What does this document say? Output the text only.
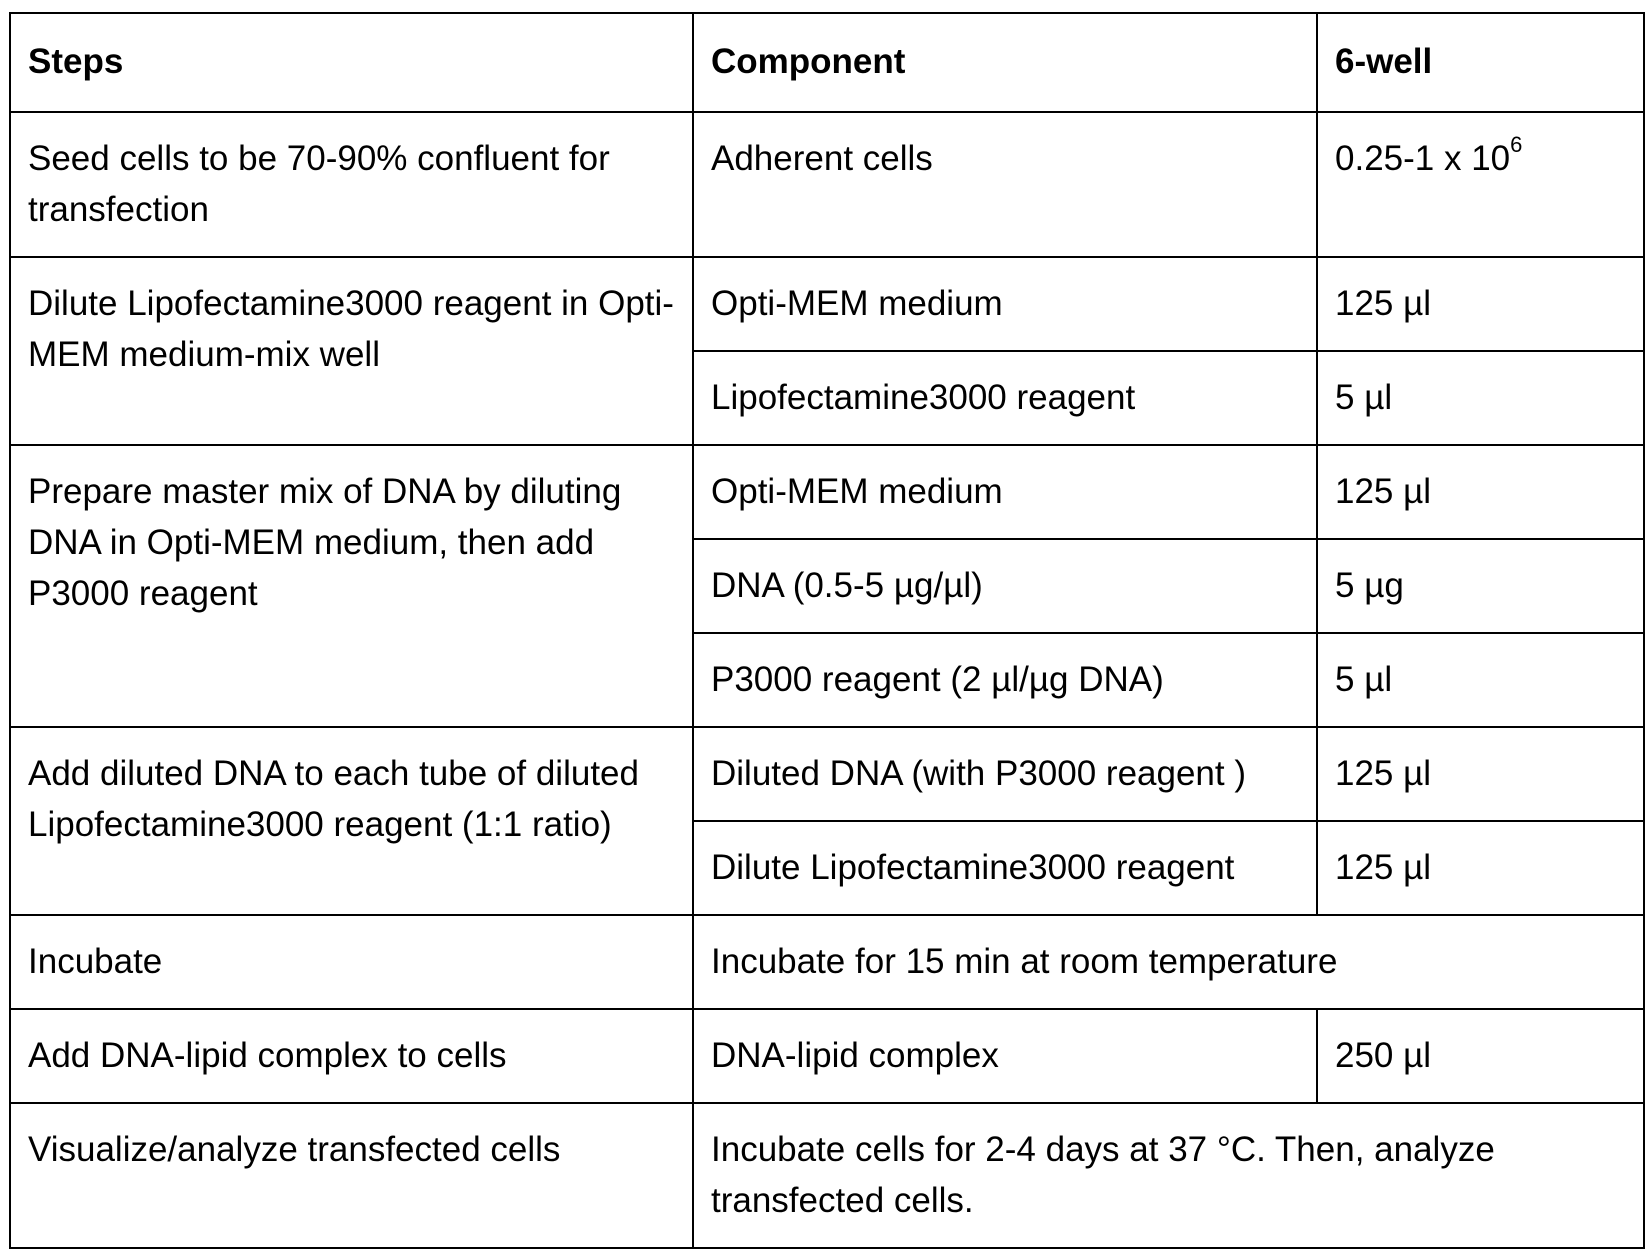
Steps	Component	6-well
Seed cells to be 70-90% confluent for transfection	Adherent cells	0.25-1 x $10^6$
Dilute Lipofectamine3000 reagent in Opti-MEM medium-mix well	Opti-MEM medium	125 µl
	Lipofectamine3000 reagent	5 µl
Prepare master mix of DNA by diluting DNA in Opti-MEM medium, then add P3000 reagent	Opti-MEM medium	125 µl
	DNA (0.5-5 µg/µl)	5 µg
	P3000 reagent (2 µl/µg DNA)	5 µl
Add diluted DNA to each tube of diluted Lipofectamine3000 reagent (1:1 ratio)	Diluted DNA (with P3000 reagent )	125 µl
	Dilute Lipofectamine3000 reagent	125 µl
Incubate	Incubate for 15 min at room temperature	
Add DNA-lipid complex to cells	DNA-lipid complex	250 µl
Visualize/analyze transfected cells	Incubate cells for 2-4 days at 37 °C. Then, analyze transfected cells.	
